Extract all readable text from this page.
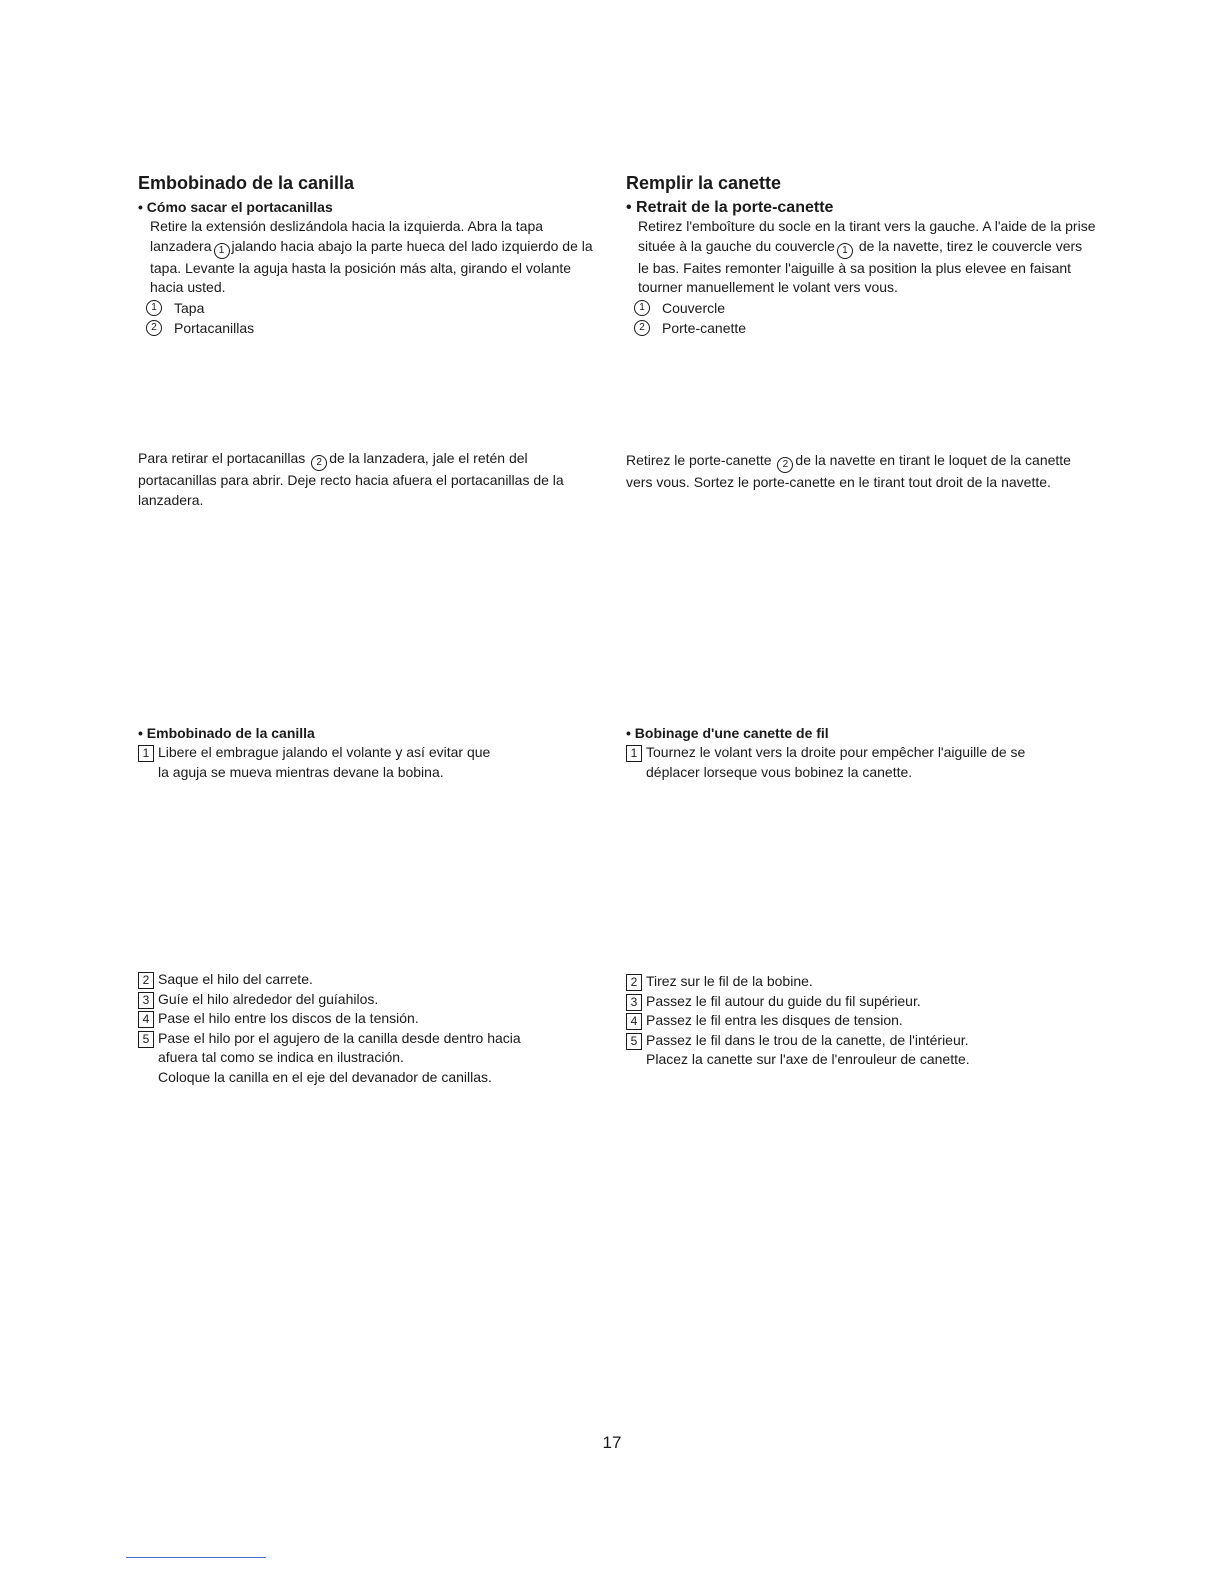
Embobinado de la canilla
• Cómo sacar el portacanillas
Retire la extensión deslizándola hacia la izquierda. Abra la tapa lanzadera 1 jalando hacia abajo la parte hueca del lado izquierdo de la tapa. Levante la aguja hasta la posición más alta, girando el volante hacia usted.
1	Tapa
2	Portacanillas
Para retirar el portacanillas 2 de la lanzadera, jale el retén del portacanillas para abrir. Deje recto hacia afuera el portacanillas de la lanzadera.
• Embobinado de la canilla
1 Libere el embrague jalando el volante y así evitar que
la aguja se mueva mientras devane la bobina.
2 Saque el hilo del carrete.
3 Guíe el hilo alrededor del guíahilos.
4 Pase el hilo entre los discos de la tensión.
5 Pase el hilo por el agujero de la canilla desde dentro hacia
afuera tal como se indica en ilustración.
Coloque la canilla en el eje del devanador de canillas.
Remplir la canette
• Retrait de la porte-canette
Retirez l'emboîture du socle en la tirant vers la gauche. A l'aide de la prise située à la gauche du couvercle 1 de la navette, tirez le couvercle vers le bas. Faites remonter l'aiguille à sa position la plus elevee en faisant tourner manuellement le volant vers vous.
1	Couvercle
2	Porte-canette
Retirez le porte-canette 2 de la navette en tirant le loquet de la canette vers vous. Sortez le porte-canette en le tirant tout droit de la navette.
• Bobinage d'une canette de fil
1 Tournez le volant vers la droite pour empêcher l'aiguille de se
déplacer lorseque vous bobinez la canette.
2 Tirez sur le fil de la bobine.
3 Passez le fil autour du guide du fil supérieur.
4 Passez le fil entra les disques de tension.
5 Passez le fil dans le trou de la canette, de l'intérieur.
Placez la canette sur l'axe de l'enrouleur de canette.
17
